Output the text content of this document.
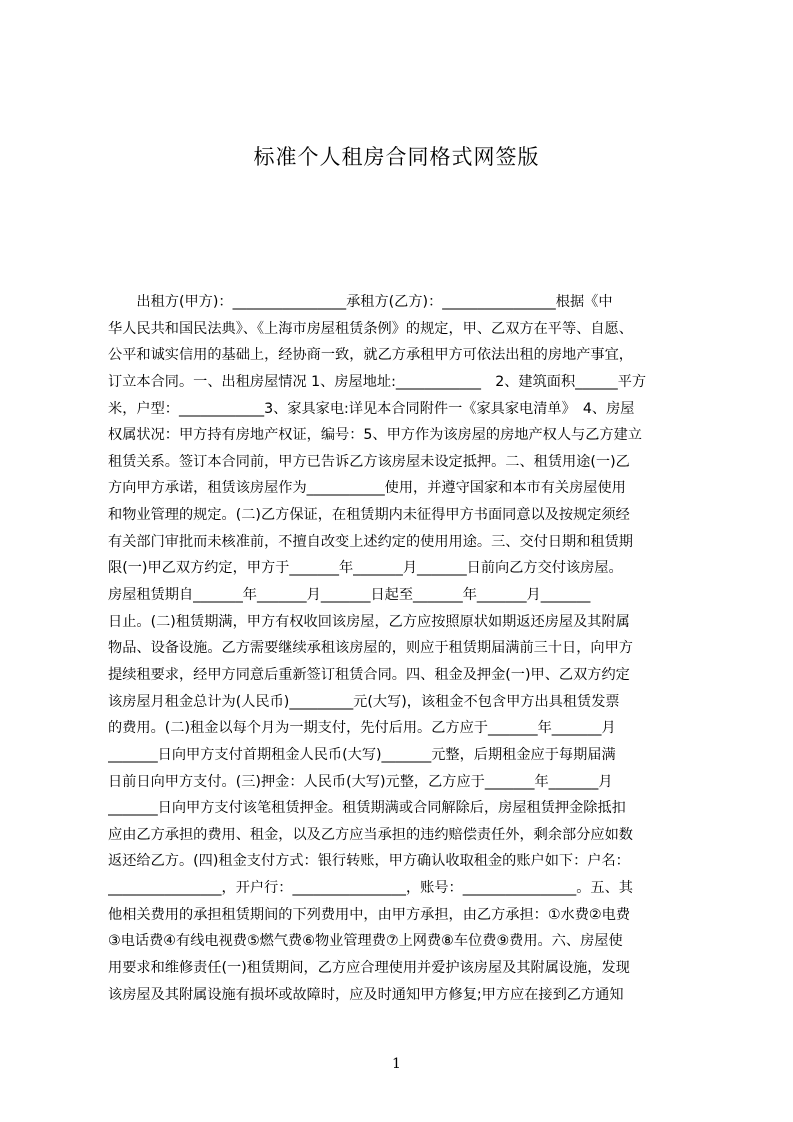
标准个人租房合同格式网签版
　　出租方(甲方)：________________承租方(乙方)：________________根据《中
华人民共和国民法典》、《上海市房屋租赁条例》的规定，甲、乙双方在平等、自愿、
公平和诚实信用的基础上，经协商一致，就乙方承租甲方可依法出租的房地产事宜，
订立本合同。一、出租房屋情况 1、房屋地址:____________　2、建筑面积______平方
米，户型：____________3、家具家电:详见本合同附件一《家具家电清单》　4、房屋
权属状况：甲方持有房地产权证，编号：5、甲方作为该房屋的房地产权人与乙方建立
租赁关系。签订本合同前，甲方已告诉乙方该房屋未设定抵押。二、租赁用途(一)乙
方向甲方承诺，租赁该房屋作为___________使用，并遵守国家和本市有关房屋使用
和物业管理的规定。(二)乙方保证，在租赁期内未征得甲方书面同意以及按规定须经
有关部门审批而未核准前，不擅自改变上述约定的使用用途。三、交付日期和租赁期
限(一)甲乙双方约定，甲方于_______年_______月_______日前向乙方交付该房屋。
房屋租赁期自_______年_______月_______日起至_______年_______月_______
日止。(二)租赁期满，甲方有权收回该房屋，乙方应按照原状如期返还房屋及其附属
物品、设备设施。乙方需要继续承租该房屋的，则应于租赁期届满前三十日，向甲方
提续租要求，经甲方同意后重新签订租赁合同。四、租金及押金(一)甲、乙双方约定
该房屋月租金总计为(人民币)_________元(大写)，该租金不包含甲方出具租赁发票
的费用。(二)租金以每个月为一期支付，先付后用。乙方应于_______年_______月
_______日向甲方支付首期租金人民币(大写)_______元整，后期租金应于每期届满
日前日向甲方支付。(三)押金：人民币(大写)元整，乙方应于_______年_______月
_______日向甲方支付该笔租赁押金。租赁期满或合同解除后，房屋租赁押金除抵扣
应由乙方承担的费用、租金，以及乙方应当承担的违约赔偿责任外，剩余部分应如数
返还给乙方。(四)租金支付方式：银行转账，甲方确认收取租金的账户如下：户名：
________________，开户行：________________，账号：________________。五、其
他相关费用的承担租赁期间的下列费用中，由甲方承担，由乙方承担：①水费②电费
③电话费④有线电视费⑤燃气费⑥物业管理费⑦上网费⑧车位费⑨费用。六、房屋使
用要求和维修责任(一)租赁期间，乙方应合理使用并爱护该房屋及其附属设施，发现
该房屋及其附属设施有损坏或故障时，应及时通知甲方修复;甲方应在接到乙方通知
1
